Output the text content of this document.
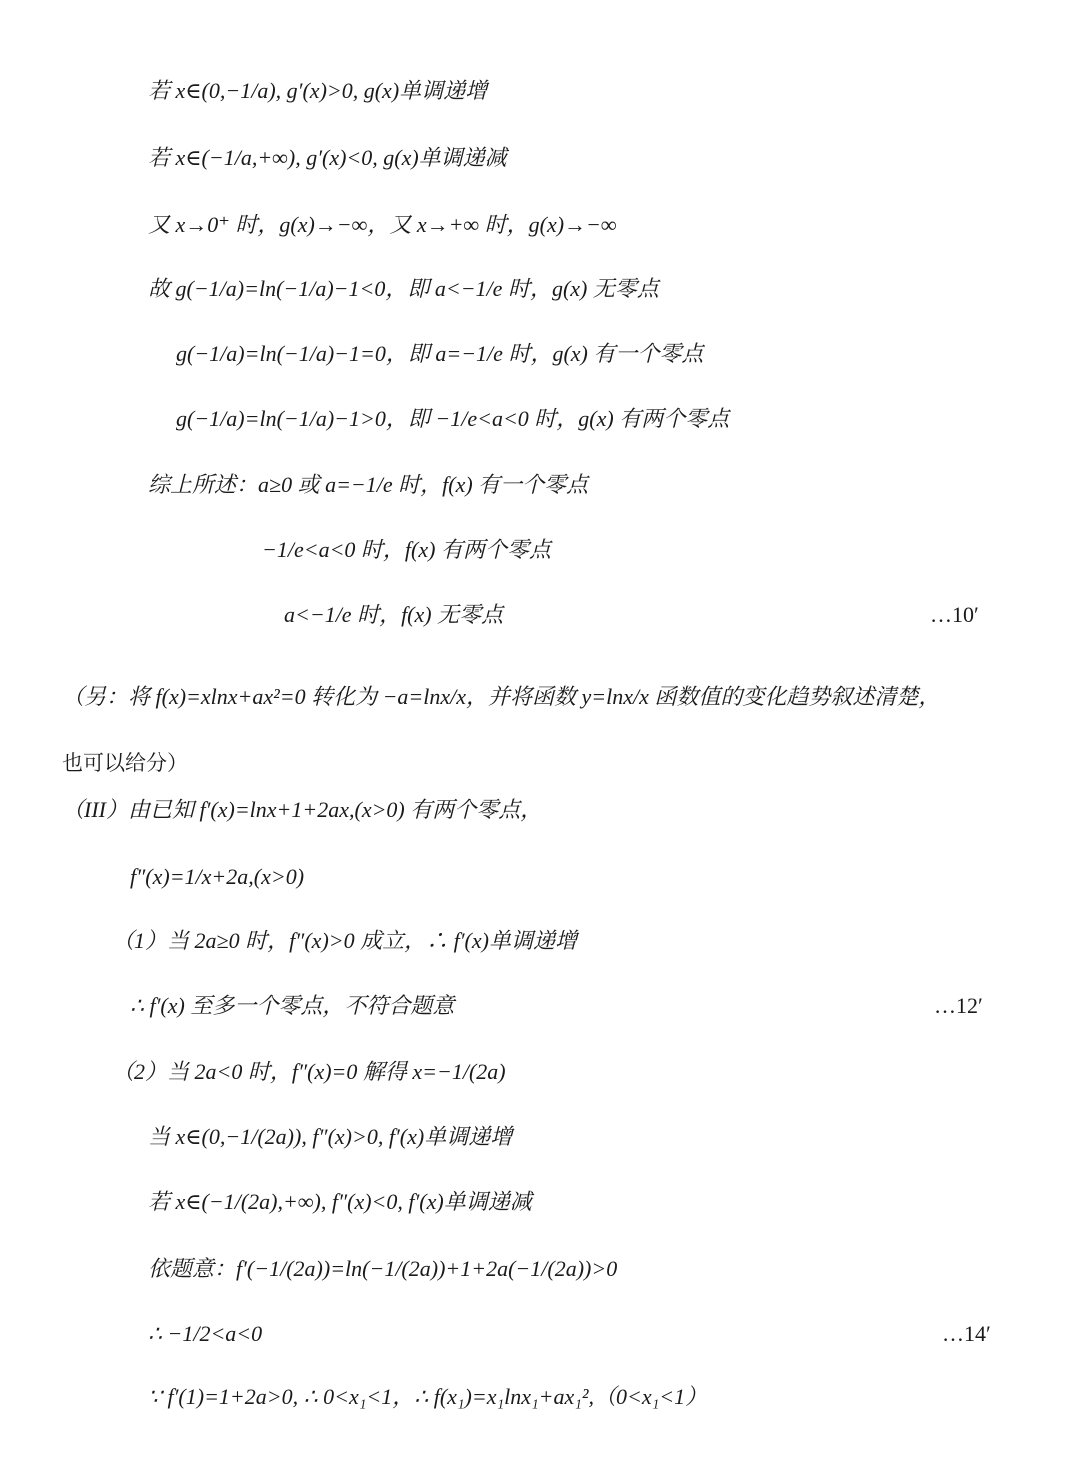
若 x∈(0,−1/a), g′(x)>0, g(x)单调递增
若 x∈(−1/a,+∞), g′(x)<0, g(x)单调递减
又 x→0⁺ 时，g(x)→−∞，又 x→+∞ 时，g(x)→−∞
故 g(−1/a)=ln(−1/a)−1<0，即 a<−1/e 时，g(x) 无零点
g(−1/a)=ln(−1/a)−1=0，即 a=−1/e 时，g(x) 有一个零点
g(−1/a)=ln(−1/a)−1>0，即 −1/e<a<0 时，g(x) 有两个零点
综上所述：a≥0 或 a=−1/e 时，f(x) 有一个零点
−1/e<a<0 时，f(x) 有两个零点
a<−1/e 时，f(x) 无零点	…10′
（另：将 f(x)=xlnx+ax²=0 转化为 −a=lnx/x，并将函数 y=lnx/x 函数值的变化趋势叙述清楚，
也可以给分）
（III）由已知 f′(x)=lnx+1+2ax,(x>0) 有两个零点，
f″(x)=1/x+2a,(x>0)
（1）当 2a≥0 时，f″(x)>0 成立，∴ f′(x)单调递增
∴ f′(x) 至多一个零点，不符合题意	…12′
（2）当 2a<0 时，f″(x)=0 解得 x=−1/(2a)
当 x∈(0,−1/(2a)), f″(x)>0, f′(x)单调递增
若 x∈(−1/(2a),+∞), f″(x)<0, f′(x)单调递减
依题意：f′(−1/(2a))=ln(−1/(2a))+1+2a(−1/(2a))>0
∴ −1/2<a<0	…14′
∵ f′(1)=1+2a>0, ∴ 0<x₁<1，∴ f(x₁)=x₁lnx₁+ax₁²,（0<x₁<1）
